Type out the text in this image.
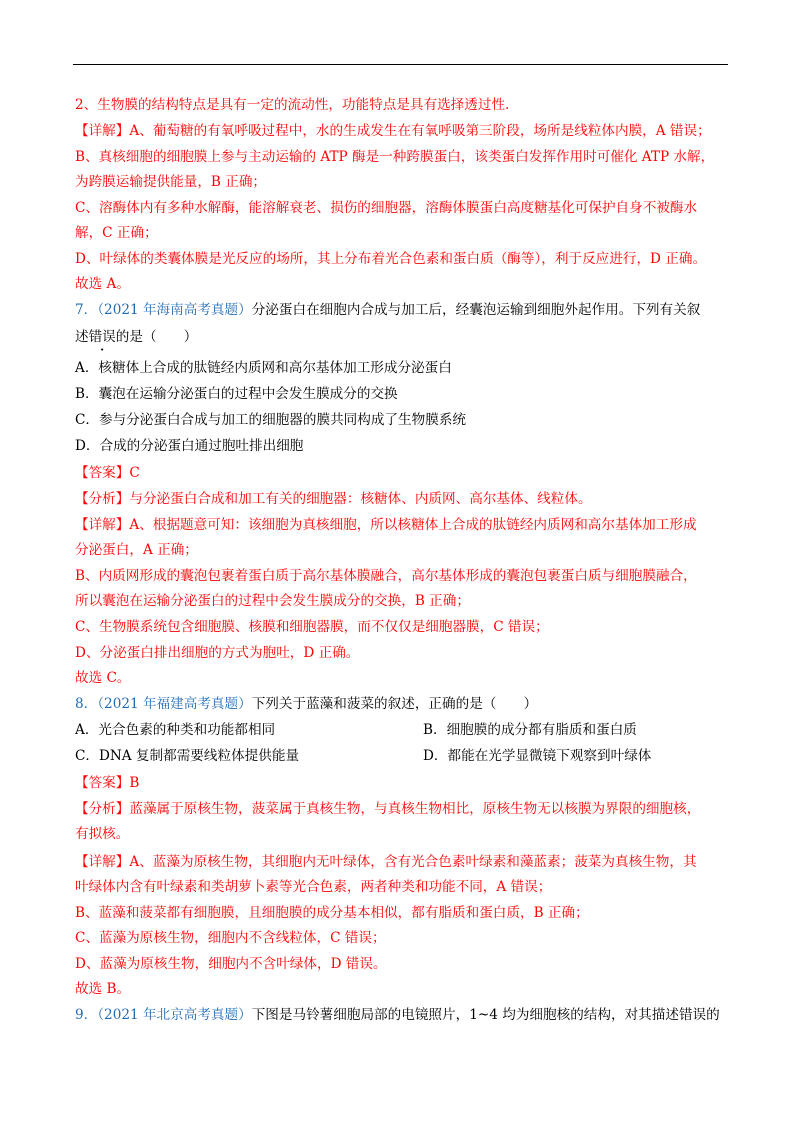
2、生物膜的结构特点是具有一定的流动性，功能特点是具有选择透过性.
【详解】A、葡萄糖的有氧呼吸过程中，水的生成发生在有氧呼吸第三阶段，场所是线粒体内膜，A 错误；
B、真核细胞的细胞膜上参与主动运输的 ATP 酶是一种跨膜蛋白，该类蛋白发挥作用时可催化 ATP 水解，
为跨膜运输提供能量，B 正确；
C、溶酶体内有多种水解酶，能溶解衰老、损伤的细胞器，溶酶体膜蛋白高度糖基化可保护自身不被酶水
解，C 正确；
D、叶绿体的类囊体膜是光反应的场所，其上分布着光合色素和蛋白质（酶等），利于反应进行，D 正确。
故选 A。
7．（2021 年海南高考真题）分泌蛋白在细胞内合成与加工后，经囊泡运输到细胞外起作用。下列有关叙
述错误的是（　　）
A．核糖体上合成的肽链经内质网和高尔基体加工形成分泌蛋白
B．囊泡在运输分泌蛋白的过程中会发生膜成分的交换
C．参与分泌蛋白合成与加工的细胞器的膜共同构成了生物膜系统
D．合成的分泌蛋白通过胞吐排出细胞
【答案】C
【分析】与分泌蛋白合成和加工有关的细胞器：核糖体、内质网、高尔基体、线粒体。
【详解】A、根据题意可知：该细胞为真核细胞，所以核糖体上合成的肽链经内质网和高尔基体加工形成
分泌蛋白，A 正确；
B、内质网形成的囊泡包裹着蛋白质于高尔基体膜融合，高尔基体形成的囊泡包裹蛋白质与细胞膜融合，
所以囊泡在运输分泌蛋白的过程中会发生膜成分的交换，B 正确；
C、生物膜系统包含细胞膜、核膜和细胞器膜，而不仅仅是细胞器膜，C 错误；
D、分泌蛋白排出细胞的方式为胞吐，D 正确。
故选 C。
8．（2021 年福建高考真题）下列关于蓝藻和菠菜的叙述，正确的是（　　）
A．光合色素的种类和功能都相同	B．细胞膜的成分都有脂质和蛋白质
C．DNA 复制都需要线粒体提供能量	D．都能在光学显微镜下观察到叶绿体
【答案】B
【分析】蓝藻属于原核生物，菠菜属于真核生物，与真核生物相比，原核生物无以核膜为界限的细胞核，
有拟核。
【详解】A、蓝藻为原核生物，其细胞内无叶绿体，含有光合色素叶绿素和藻蓝素；菠菜为真核生物，其
叶绿体内含有叶绿素和类胡萝卜素等光合色素，两者种类和功能不同，A 错误；
B、蓝藻和菠菜都有细胞膜，且细胞膜的成分基本相似，都有脂质和蛋白质，B 正确；
C、蓝藻为原核生物，细胞内不含线粒体，C 错误；
D、蓝藻为原核生物，细胞内不含叶绿体，D 错误。
故选 B。
9．（2021 年北京高考真题）下图是马铃薯细胞局部的电镜照片，1~4 均为细胞核的结构，对其描述错误的
